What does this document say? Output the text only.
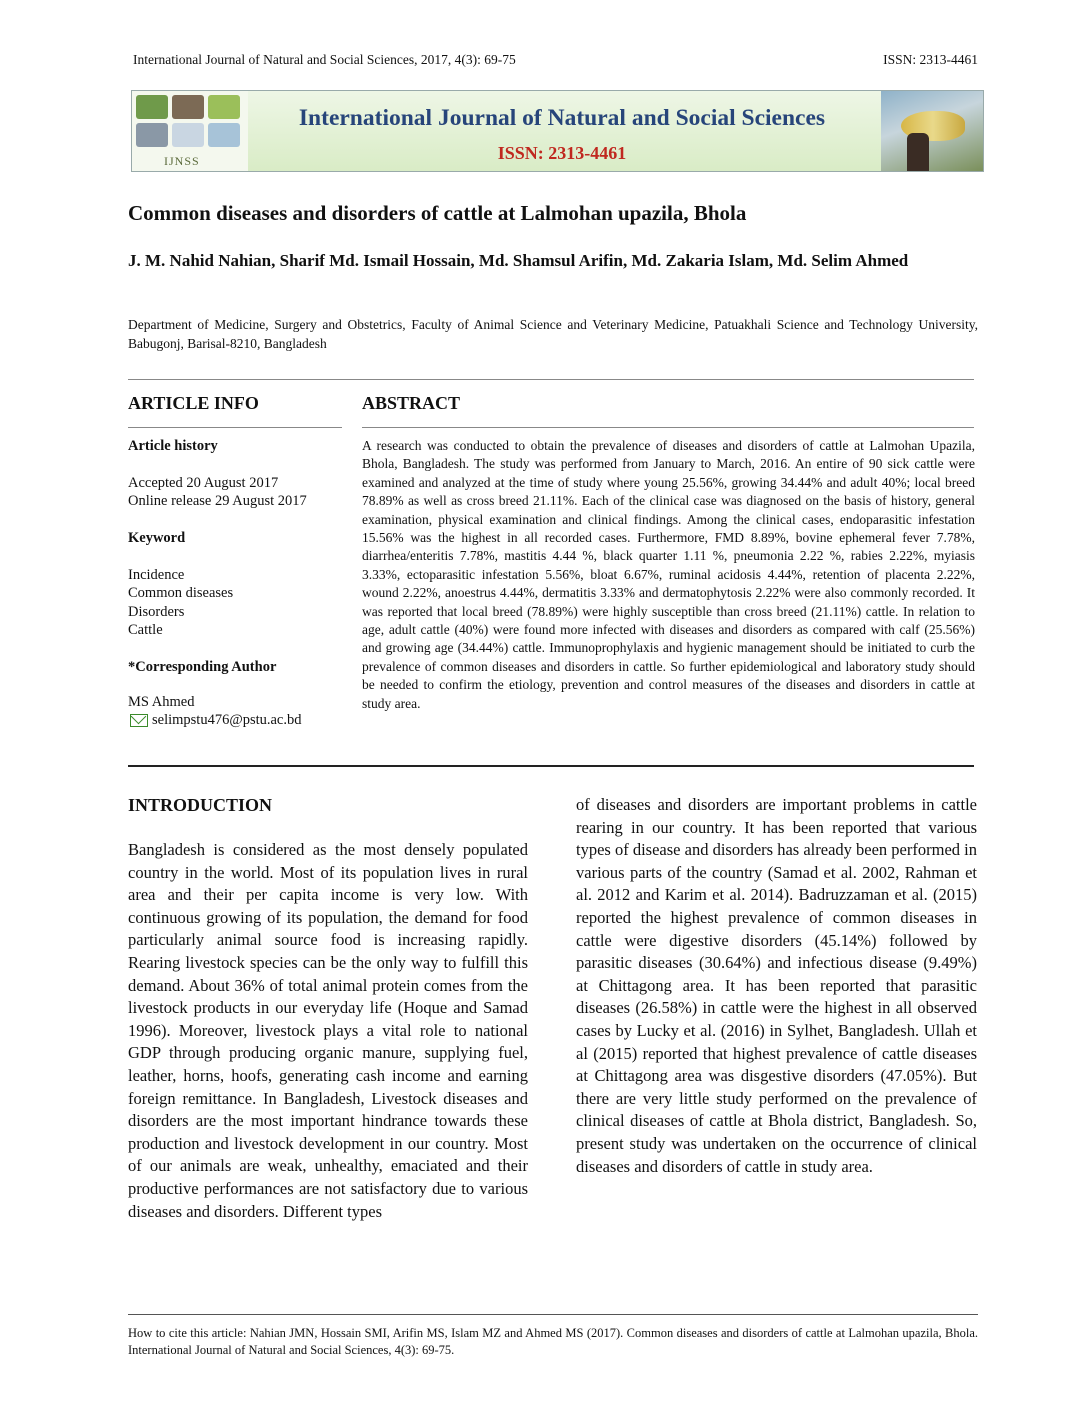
International Journal of Natural and Social Sciences, 2017, 4(3): 69-75	ISSN: 2313-4461
IJNSS
International Journal of Natural and Social Sciences
ISSN: 2313-4461
Common diseases and disorders of cattle at Lalmohan upazila, Bhola
J. M. Nahid Nahian, Sharif Md. Ismail Hossain, Md. Shamsul Arifin, Md. Zakaria Islam, Md. Selim Ahmed
Department of Medicine, Surgery and Obstetrics, Faculty of Animal Science and Veterinary Medicine, Patuakhali Science and Technology University, Babugonj, Barisal-8210, Bangladesh
ARTICLE INFO	ABSTRACT
Article history
Accepted 20 August 2017
Online release 29 August 2017
Keyword
Incidence
Common diseases
Disorders
Cattle
*Corresponding Author
MS Ahmed
selimpstu476@pstu.ac.bd
A research was conducted to obtain the prevalence of diseases and disorders of cattle at Lalmohan Upazila, Bhola, Bangladesh. The study was performed from January to March, 2016. An entire of 90 sick cattle were examined and analyzed at the time of study where young 25.56%, growing 34.44% and adult 40%; local breed 78.89% as well as cross breed 21.11%. Each of the clinical case was diagnosed on the basis of history, general examination, physical examination and clinical findings. Among the clinical cases, endoparasitic infestation 15.56% was the highest in all recorded cases. Furthermore, FMD 8.89%, bovine ephemeral fever 7.78%, diarrhea/enteritis 7.78%, mastitis 4.44 %, black quarter 1.11 %, pneumonia 2.22 %, rabies 2.22%, myiasis 3.33%, ectoparasitic infestation 5.56%, bloat 6.67%, ruminal acidosis 4.44%, retention of placenta 2.22%, wound 2.22%, anoestrus 4.44%, dermatitis 3.33% and dermatophytosis 2.22% were also commonly recorded. It was reported that local breed (78.89%) were highly susceptible than cross breed (21.11%) cattle. In relation to age, adult cattle (40%) were found more infected with diseases and disorders as compared with calf (25.56%) and growing age (34.44%) cattle. Immunoprophylaxis and hygienic management should be initiated to curb the prevalence of common diseases and disorders in cattle. So further epidemiological and laboratory study should be needed to confirm the etiology, prevention and control measures of the diseases and disorders in cattle at study area.
INTRODUCTION
Bangladesh is considered as the most densely populated country in the world. Most of its population lives in rural area and their per capita income is very low. With continuous growing of its population, the demand for food particularly animal source food is increasing rapidly. Rearing livestock species can be the only way to fulfill this demand. About 36% of total animal protein comes from the livestock products in our everyday life (Hoque and Samad 1996). Moreover, livestock plays a vital role to national GDP through producing organic manure, supplying fuel, leather, horns, hoofs, generating cash income and earning foreign remittance. In Bangladesh, Livestock diseases and disorders are the most important hindrance towards these production and livestock development in our country. Most of our animals are weak, unhealthy, emaciated and their productive performances are not satisfactory due to various diseases and disorders. Different types
of diseases and disorders are important problems in cattle rearing in our country. It has been reported that various types of disease and disorders has already been performed in various parts of the country (Samad et al. 2002, Rahman et al. 2012 and Karim et al. 2014). Badruzzaman et al. (2015) reported the highest prevalence of common diseases in cattle were digestive disorders (45.14%) followed by parasitic diseases (30.64%) and infectious disease (9.49%) at Chittagong area. It has been reported that parasitic diseases (26.58%) in cattle were the highest in all observed cases by Lucky et al. (2016) in Sylhet, Bangladesh. Ullah et al (2015) reported that highest prevalence of cattle diseases at Chittagong area was disgestive disorders (47.05%). But there are very little study performed on the prevalence of clinical diseases of cattle at Bhola district, Bangladesh. So, present study was undertaken on the occurrence of clinical diseases and disorders of cattle in study area.
How to cite this article: Nahian JMN, Hossain SMI, Arifin MS, Islam MZ and Ahmed MS (2017). Common diseases and disorders of cattle at Lalmohan upazila, Bhola. International Journal of Natural and Social Sciences, 4(3): 69-75.
